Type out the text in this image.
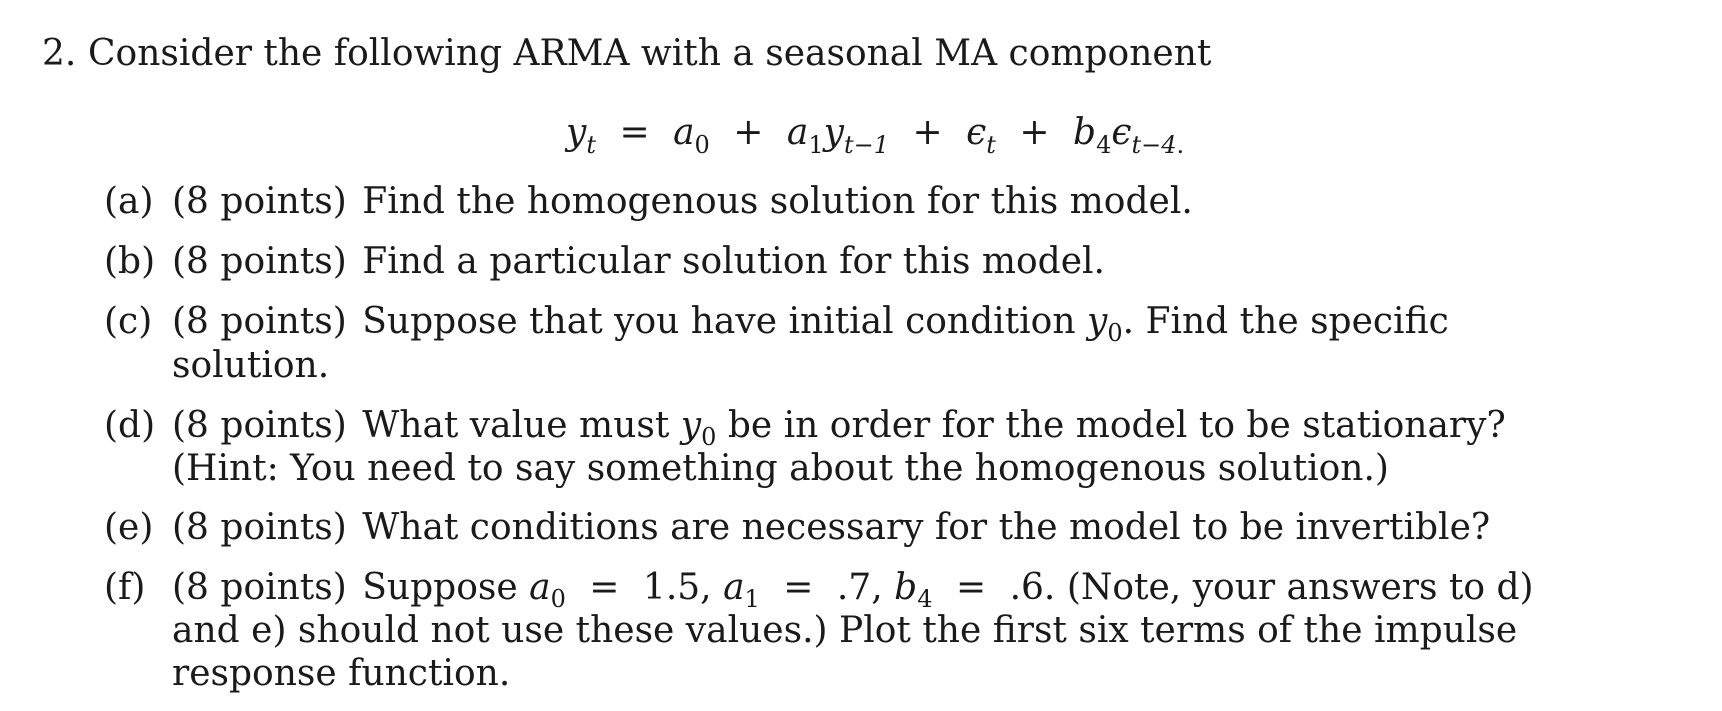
2. Consider the following ARMA with a seasonal MA component
$y_t = a_0 + a_1y_{t-1} + \epsilon_t + b_4\epsilon_{t-4.}$
(a) (8 points) Find the homogenous solution for this model.
(b) (8 points) Find a particular solution for this model.
(c) (8 points) Suppose that you have initial condition $y_0$. Find the specific solution.
(d) (8 points) What value must $y_0$ be in order for the model to be stationary? (Hint: You need to say something about the homogenous solution.)
(e) (8 points) What conditions are necessary for the model to be invertible?
(f) (8 points) Suppose $a_0 = 1.5$, $a_1 = .7$, $b_4 = .6$. (Note, your answers to d) and e) should not use these values.) Plot the first six terms of the impulse response function.
